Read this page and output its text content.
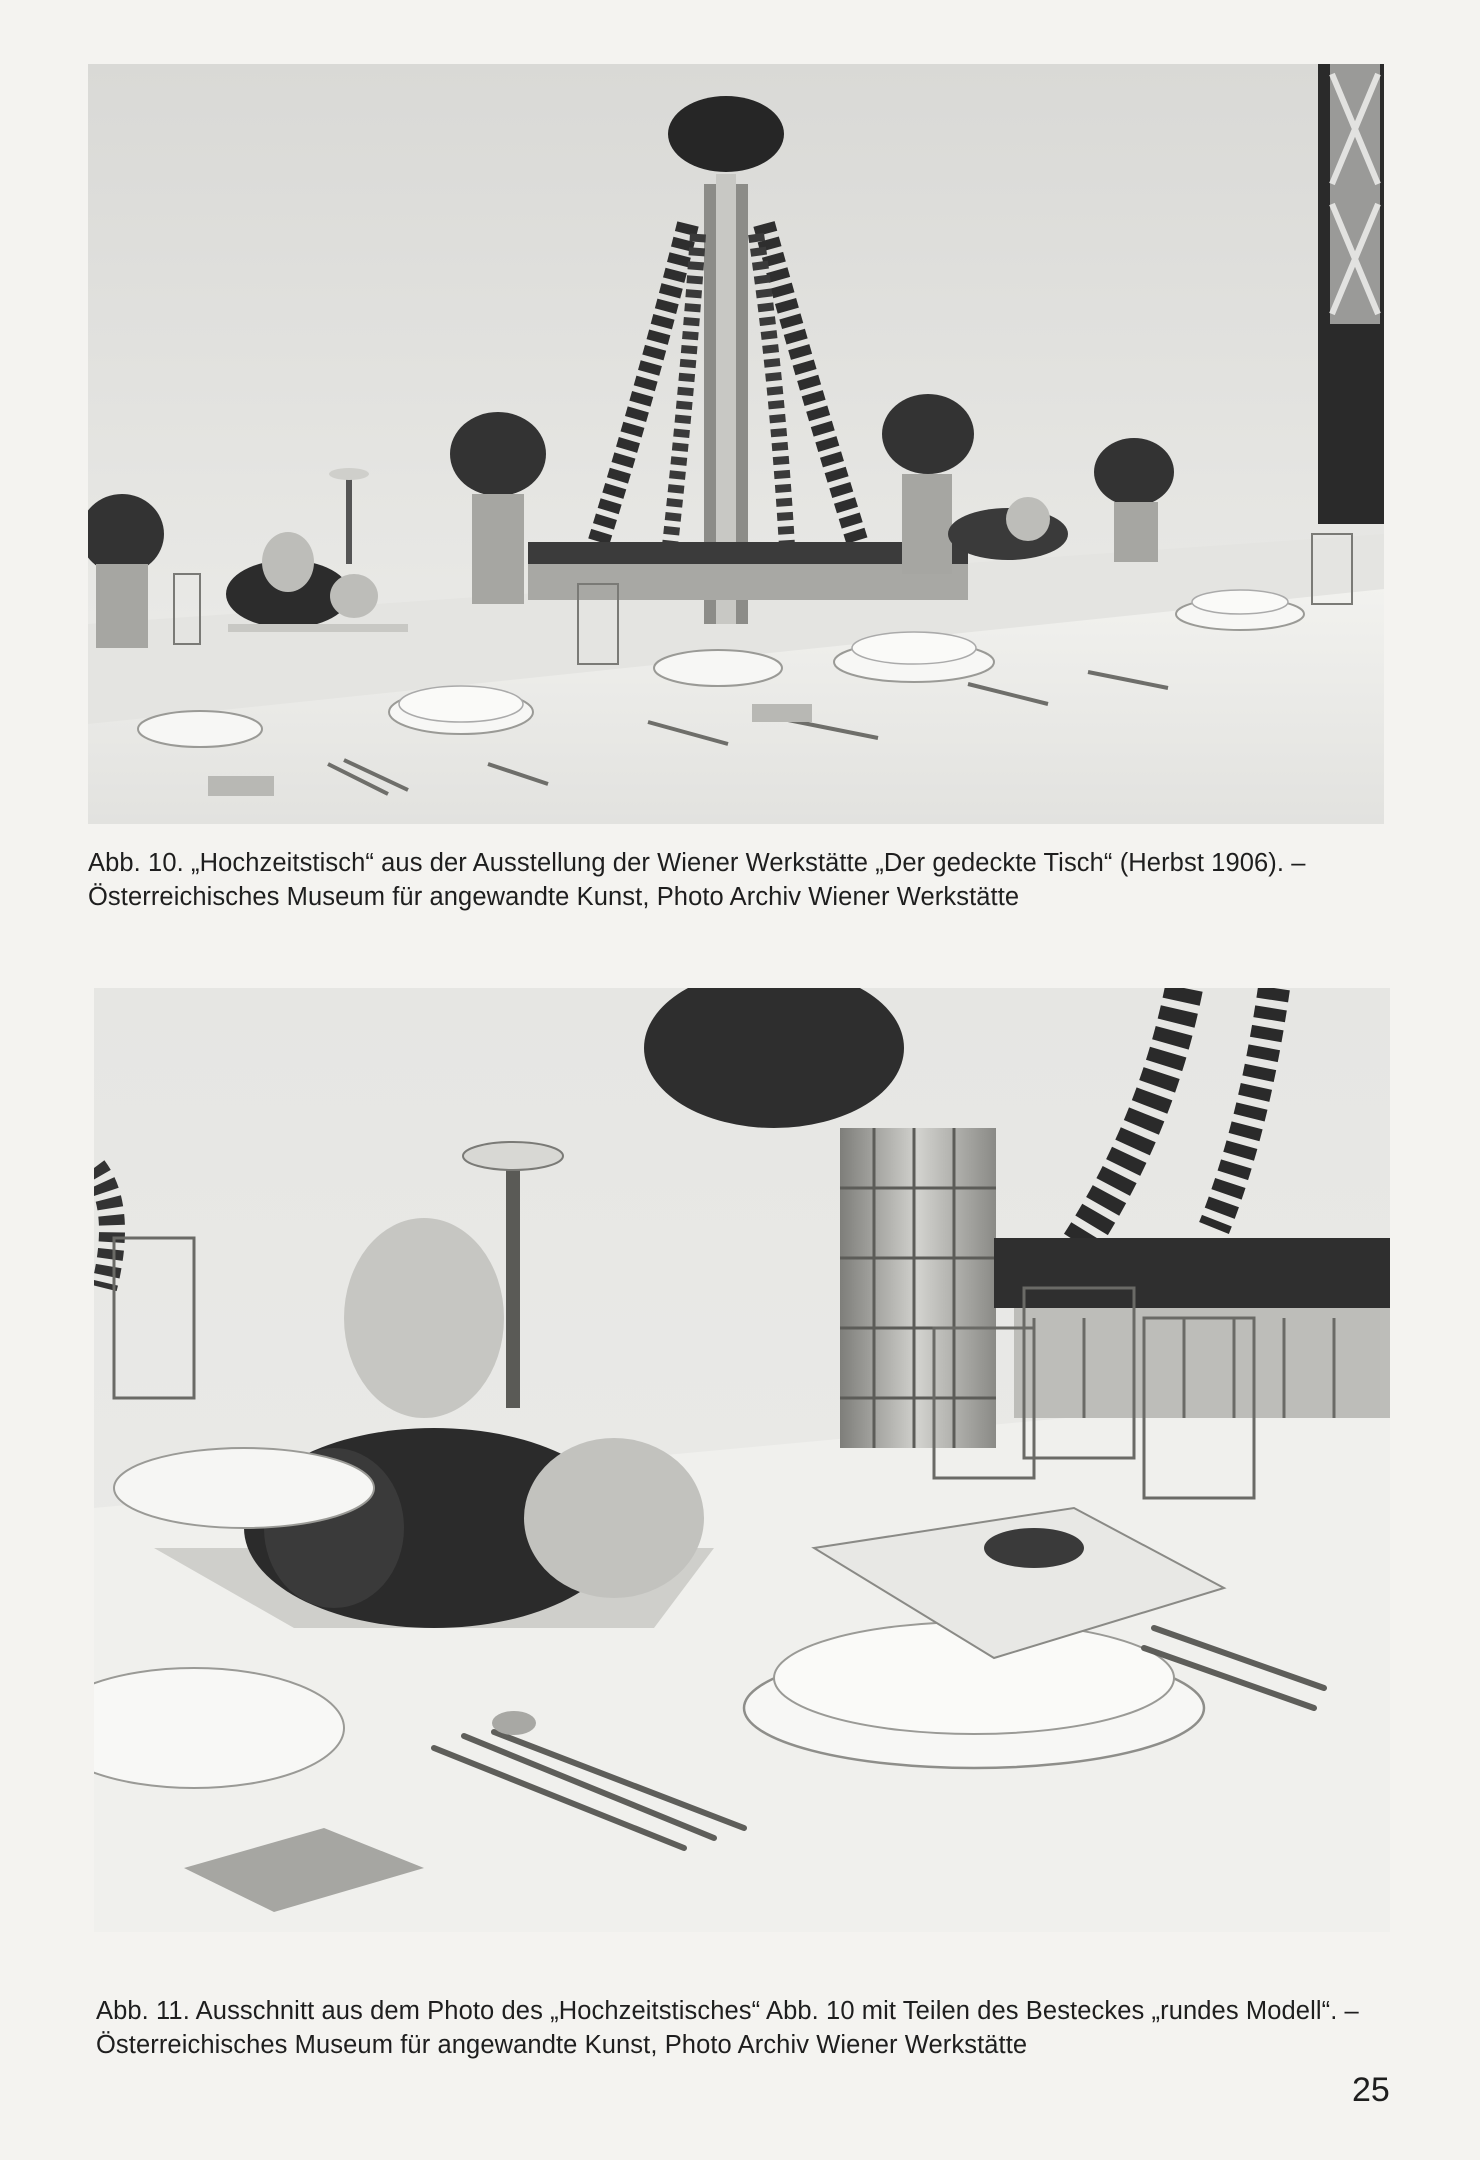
Abb. 10. „Hochzeitstisch“ aus der Ausstellung der Wiener Werkstätte „Der gedeckte Tisch“ (Herbst 1906). –
Österreichisches Museum für angewandte Kunst, Photo Archiv Wiener Werkstätte
Abb. 11. Ausschnitt aus dem Photo des „Hochzeitstisches“ Abb. 10 mit Teilen des Besteckes „rundes Modell“. –
Österreichisches Museum für angewandte Kunst, Photo Archiv Wiener Werkstätte
25
